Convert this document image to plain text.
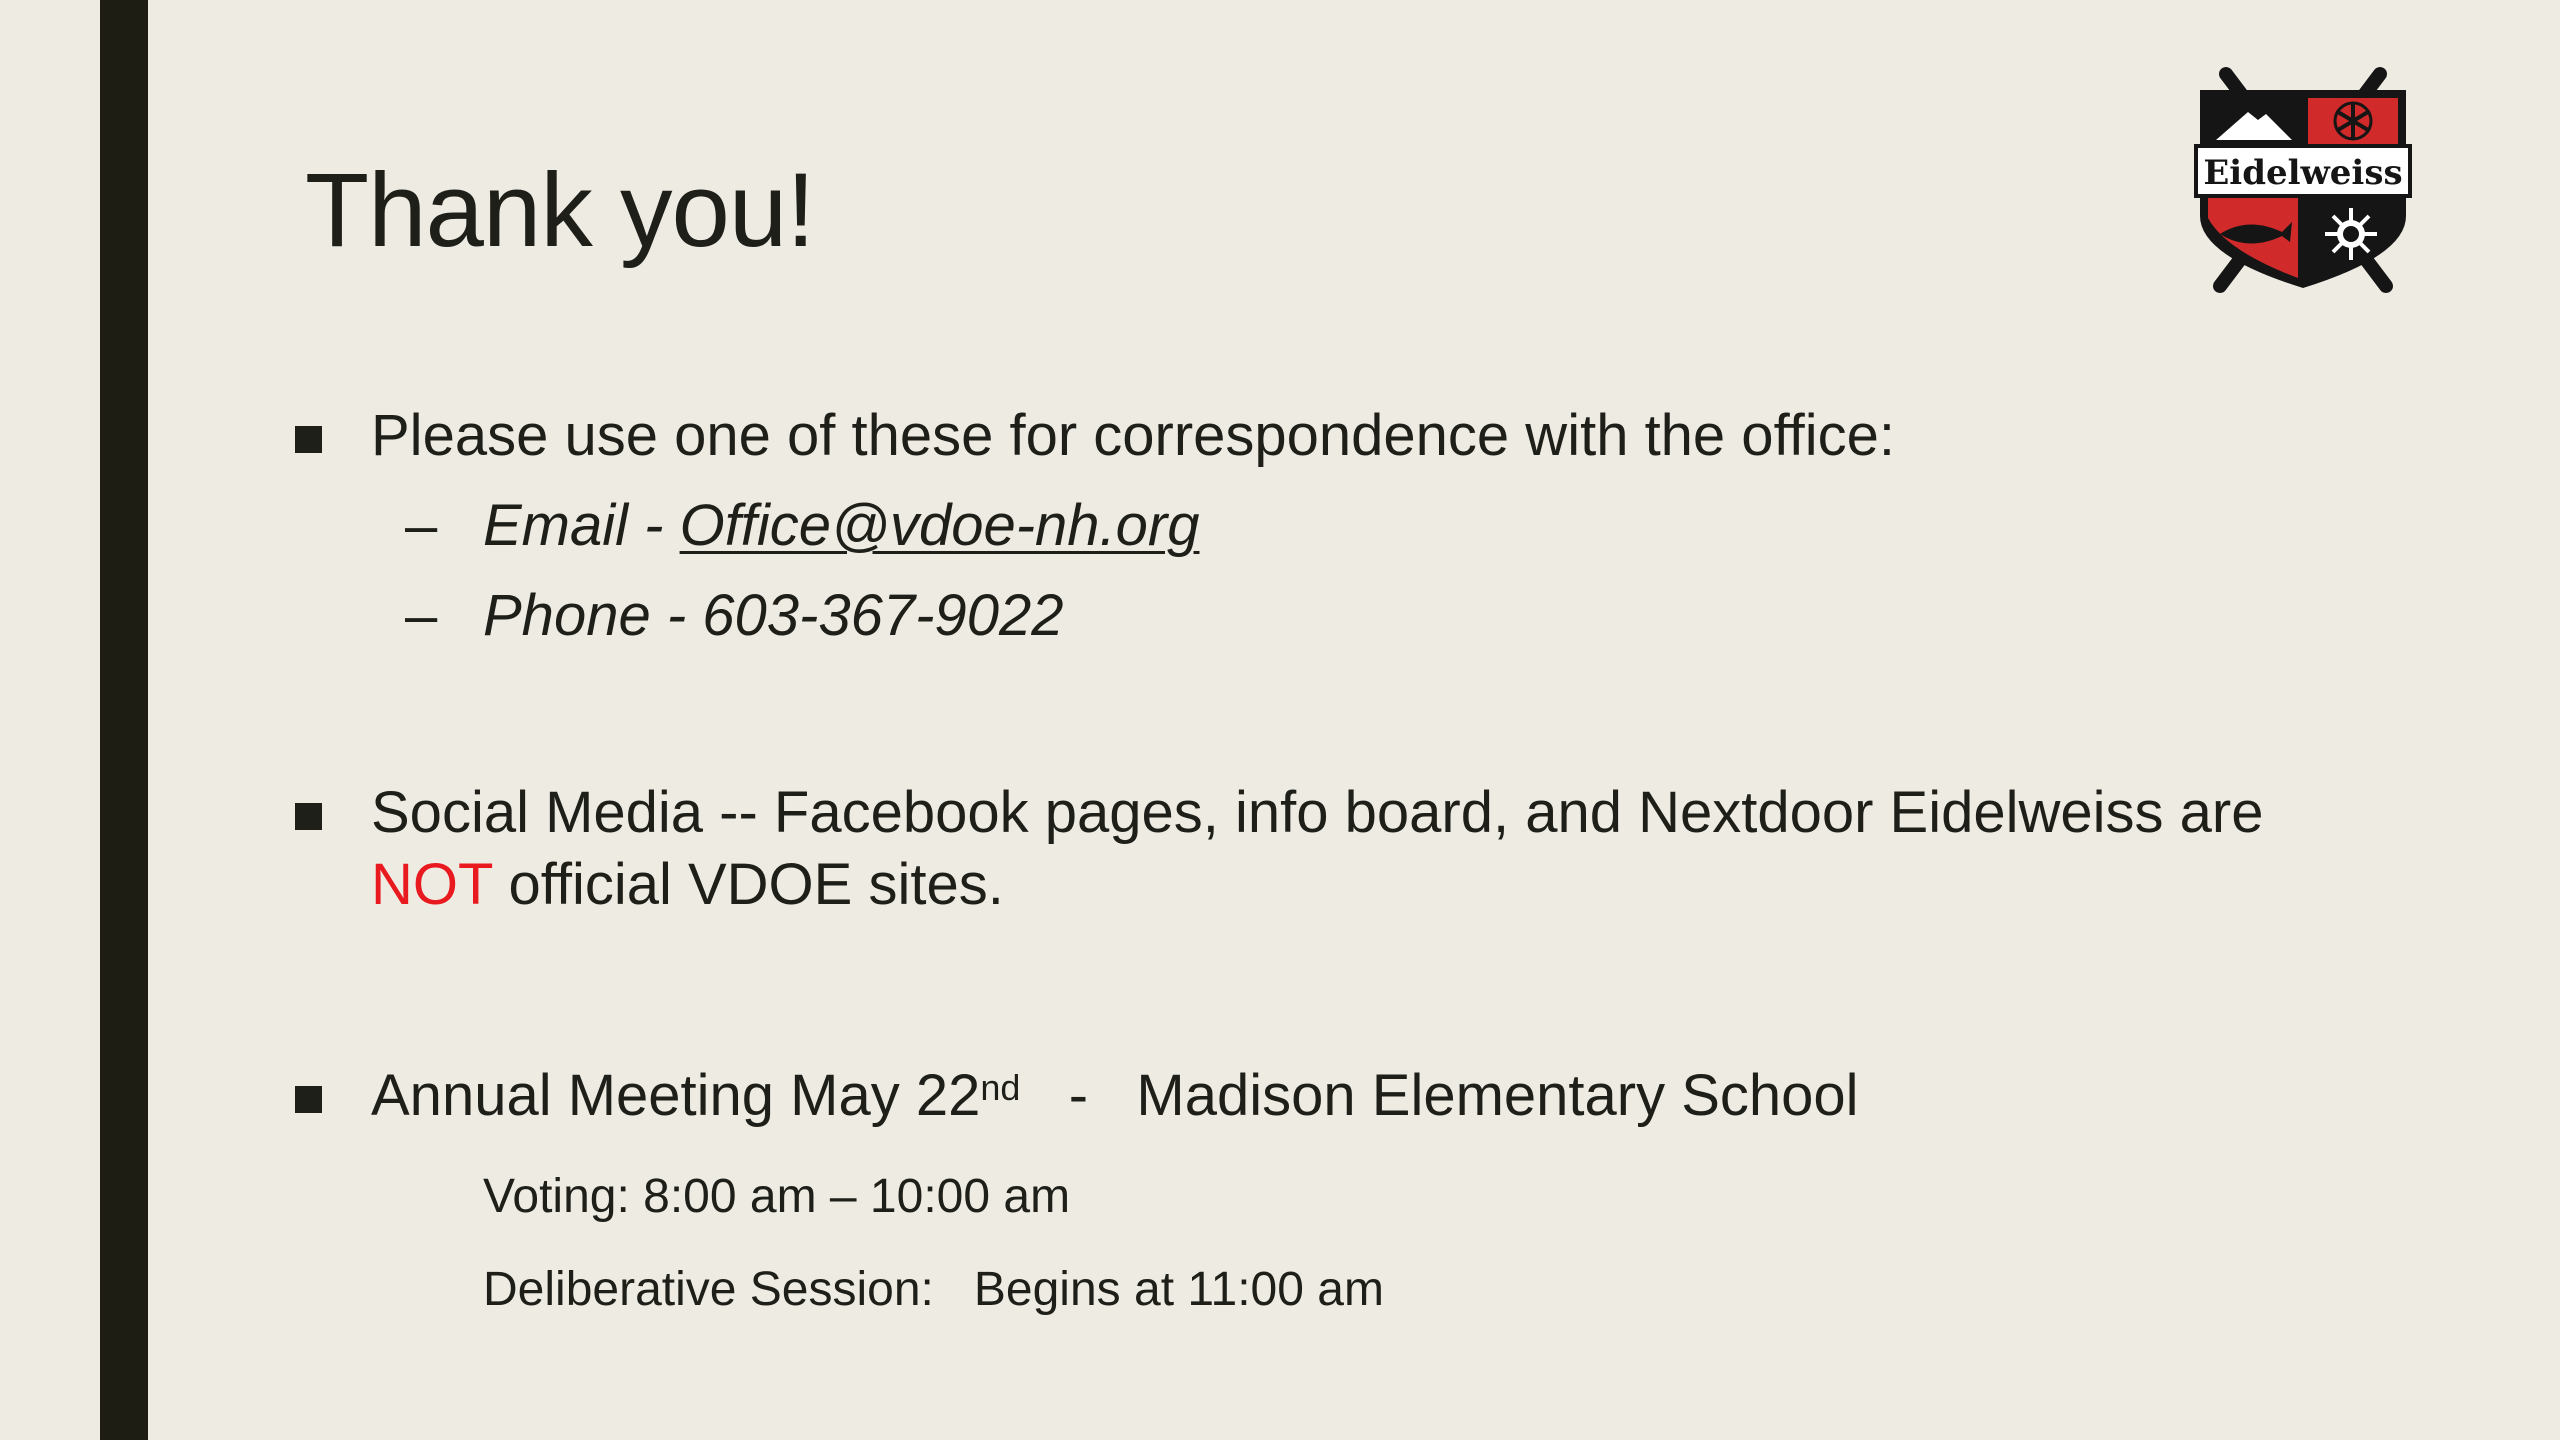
Thank you!	Eidelweiss
Please use one of these for correspondence with the office:
– Email - Office@vdoe-nh.org
– Phone - 603-367-9022
Social Media -- Facebook pages, info board, and Nextdoor Eidelweiss are
NOT official VDOE sites.
Annual Meeting May 22nd   -   Madison Elementary School
Voting: 8:00 am – 10:00 am
Deliberative Session:   Begins at 11:00 am
